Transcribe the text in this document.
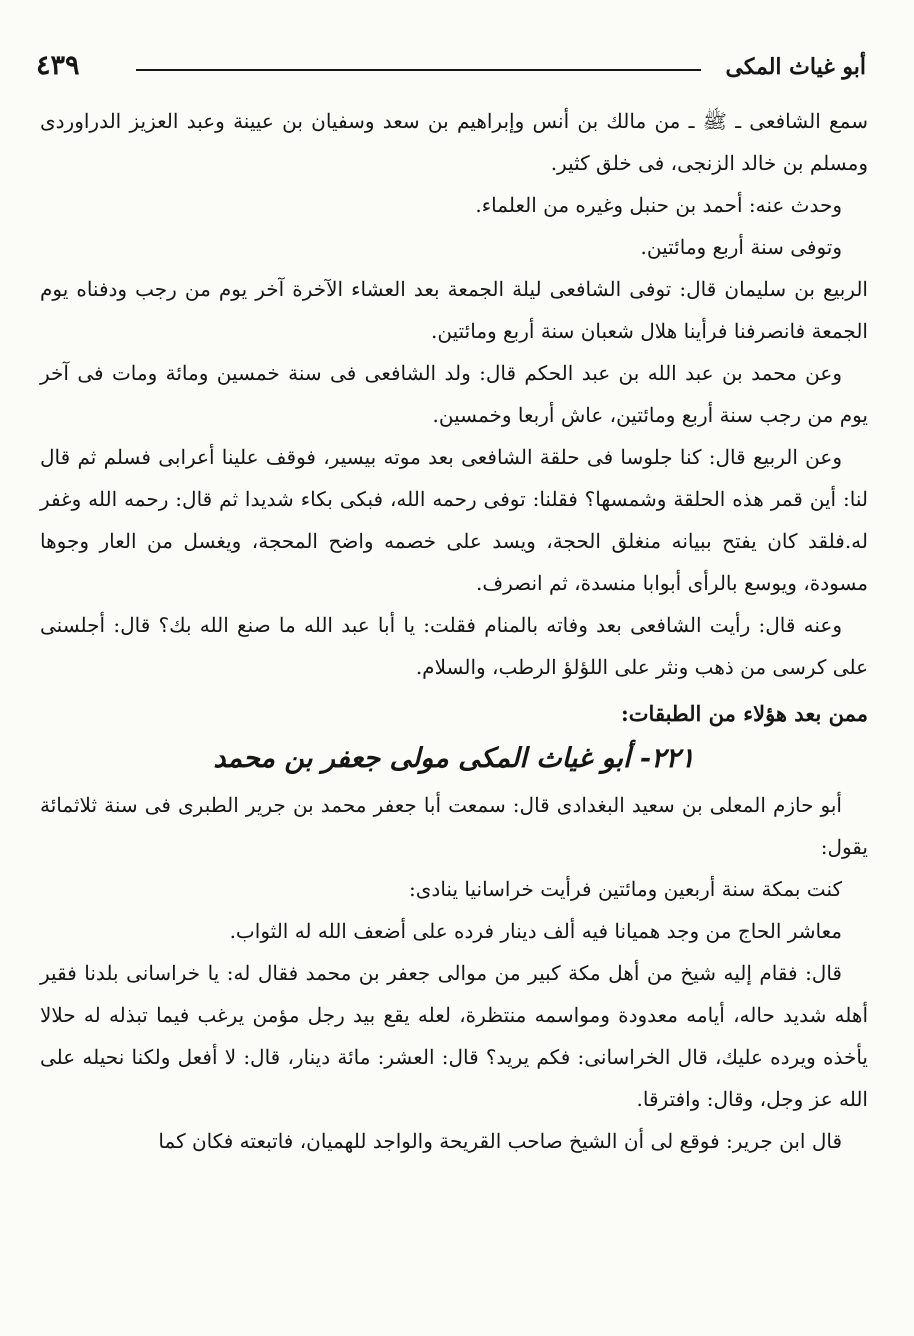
أبو غياث المكى
٤٣٩

سمع الشافعى ـ ﷺ ـ من مالك بن أنس وإبراهيم بن سعد وسفيان بن عيينة وعبد العزيز الدراوردى ومسلم بن خالد الزنجى، فى خلق كثير.

وحدث عنه: أحمد بن حنبل وغيره من العلماء.

وتوفى سنة أربع ومائتين.

الربيع بن سليمان قال: توفى الشافعى ليلة الجمعة بعد العشاء الآخرة آخر يوم من رجب ودفناه يوم الجمعة فانصرفنا فرأينا هلال شعبان سنة أربع ومائتين.

وعن محمد بن عبد الله بن عبد الحكم قال: ولد الشافعى فى سنة خمسين ومائة ومات فى آخر يوم من رجب سنة أربع ومائتين، عاش أربعا وخمسين.

وعن الربيع قال: كنا جلوسا فى حلقة الشافعى بعد موته بيسير، فوقف علينا أعرابى فسلم ثم قال لنا: أين قمر هذه الحلقة وشمسها؟ فقلنا: توفى رحمه الله، فبكى بكاء شديدا ثم قال: رحمه الله وغفر له.فلقد كان يفتح ببيانه منغلق الحجة، ويسد على خصمه واضح المحجة، ويغسل من العار وجوها مسودة، ويوسع بالرأى أبوابا منسدة، ثم انصرف.

وعنه قال: رأيت الشافعى بعد وفاته بالمنام فقلت: يا أبا عبد الله ما صنع الله بك؟ قال: أجلسنى على كرسى من ذهب ونثر على اللؤلؤ الرطب، والسلام.

ممن بعد هؤلاء من الطبقات:

٢٢١- أبو غياث المكى مولى جعفر بن محمد

أبو حازم المعلى بن سعيد البغدادى قال: سمعت أبا جعفر محمد بن جرير الطبرى فى سنة ثلاثمائة يقول:

كنت بمكة سنة أربعين ومائتين فرأيت خراسانيا ينادى:

معاشر الحاج من وجد هميانا فيه ألف دينار فرده على أضعف الله له الثواب.

قال: فقام إليه شيخ من أهل مكة كبير من موالى جعفر بن محمد فقال له: يا خراسانى بلدنا فقير أهله شديد حاله، أيامه معدودة ومواسمه منتظرة، لعله يقع بيد رجل مؤمن يرغب فيما تبذله له حلالا يأخذه ويرده عليك، قال الخراسانى: فكم يريد؟ قال: العشر: مائة دينار، قال: لا أفعل ولكنا نحيله على الله عز وجل، وقال: وافترقا.

قال ابن جرير: فوقع لى أن الشيخ صاحب القريحة والواجد للهميان، فاتبعته فكان كما
